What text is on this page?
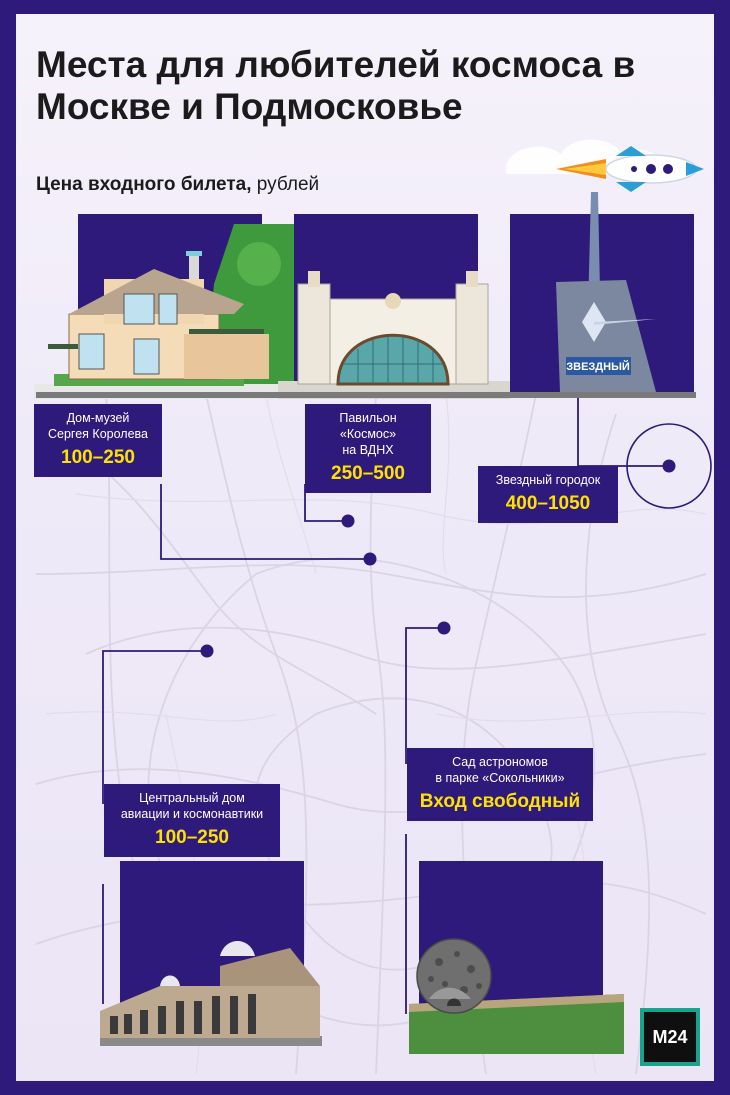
Места для любителей космоса в Москве и Подмосковье
Цена входного билета, рублей
ЗВЕЗДНЫЙ
Дом-музей
Сергея Королева
100–250
Павильон «Космос»
на ВДНХ
250–500	Звездный городок
400–1050
Центральный дом
авиации и космонавтики
100–250
Сад астрономов
в парке «Сокольники»
Вход свободный
М24
